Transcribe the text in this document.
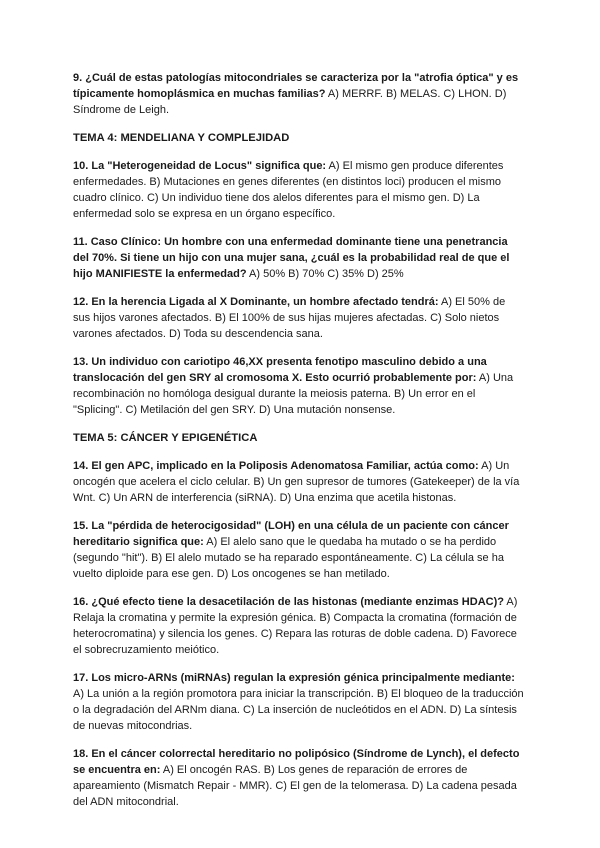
9. ¿Cuál de estas patologías mitocondriales se caracteriza por la "atrofia óptica" y es típicamente homoplásmica en muchas familias? A) MERRF. B) MELAS. C) LHON. D) Síndrome de Leigh.

TEMA 4: MENDELIANA Y COMPLEJIDAD

10. La "Heterogeneidad de Locus" significa que: A) El mismo gen produce diferentes enfermedades. B) Mutaciones en genes diferentes (en distintos loci) producen el mismo cuadro clínico. C) Un individuo tiene dos alelos diferentes para el mismo gen. D) La enfermedad solo se expresa en un órgano específico.

11. Caso Clínico: Un hombre con una enfermedad dominante tiene una penetrancia del 70%. Si tiene un hijo con una mujer sana, ¿cuál es la probabilidad real de que el hijo MANIFIESTE la enfermedad? A) 50% B) 70% C) 35% D) 25%

12. En la herencia Ligada al X Dominante, un hombre afectado tendrá: A) El 50% de sus hijos varones afectados. B) El 100% de sus hijas mujeres afectadas. C) Solo nietos varones afectados. D) Toda su descendencia sana.

13. Un individuo con cariotipo 46,XX presenta fenotipo masculino debido a una translocación del gen SRY al cromosoma X. Esto ocurrió probablemente por: A) Una recombinación no homóloga desigual durante la meiosis paterna. B) Un error en el "Splicing". C) Metilación del gen SRY. D) Una mutación nonsense.

TEMA 5: CÁNCER Y EPIGENÉTICA

14. El gen APC, implicado en la Poliposis Adenomatosa Familiar, actúa como: A) Un oncogén que acelera el ciclo celular. B) Un gen supresor de tumores (Gatekeeper) de la vía Wnt. C) Un ARN de interferencia (siRNA). D) Una enzima que acetila histonas.

15. La "pérdida de heterocigosidad" (LOH) en una célula de un paciente con cáncer hereditario significa que: A) El alelo sano que le quedaba ha mutado o se ha perdido (segundo "hit"). B) El alelo mutado se ha reparado espontáneamente. C) La célula se ha vuelto diploide para ese gen. D) Los oncogenes se han metilado.

16. ¿Qué efecto tiene la desacetilación de las histonas (mediante enzimas HDAC)? A) Relaja la cromatina y permite la expresión génica. B) Compacta la cromatina (formación de heterocromatina) y silencia los genes. C) Repara las roturas de doble cadena. D) Favorece el sobrecruzamiento meiótico.

17. Los micro-ARNs (miRNAs) regulan la expresión génica principalmente mediante: A) La unión a la región promotora para iniciar la transcripción. B) El bloqueo de la traducción o la degradación del ARNm diana. C) La inserción de nucleótidos en el ADN. D) La síntesis de nuevas mitocondrias.

18. En el cáncer colorrectal hereditario no polipósico (Síndrome de Lynch), el defecto se encuentra en: A) El oncogén RAS. B) Los genes de reparación de errores de apareamiento (Mismatch Repair - MMR). C) El gen de la telomerasa. D) La cadena pesada del ADN mitocondrial.
